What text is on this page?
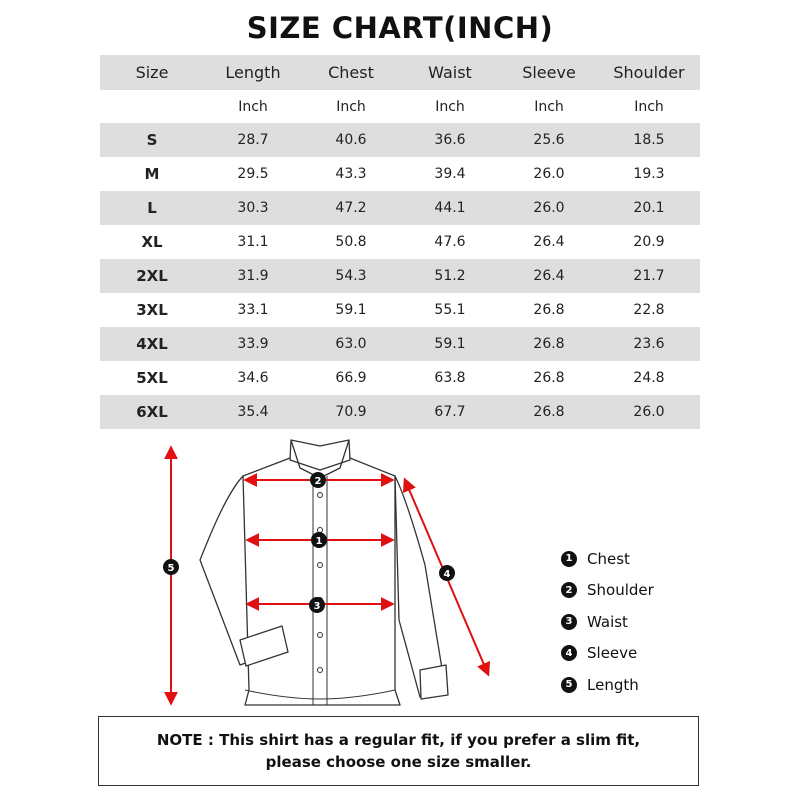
SIZE CHART(INCH)
Size	Length	Chest	Waist	Sleeve	Shoulder
	Inch	Inch	Inch	Inch	Inch
S	28.7	40.6	36.6	25.6	18.5
M	29.5	43.3	39.4	26.0	19.3
L	30.3	47.2	44.1	26.0	20.1
XL	31.1	50.8	47.6	26.4	20.9
2XL	31.9	54.3	51.2	26.4	21.7
3XL	33.1	59.1	55.1	26.8	22.8
4XL	33.9	63.0	59.1	26.8	23.6
5XL	34.6	66.9	63.8	26.8	24.8
6XL	35.4	70.9	67.7	26.8	26.0
2
1
3
4
5
1 Chest
2 Shoulder
3 Waist
4 Sleeve
5 Length
NOTE : This shirt has a regular fit, if you prefer a slim fit,
please choose one size smaller.
